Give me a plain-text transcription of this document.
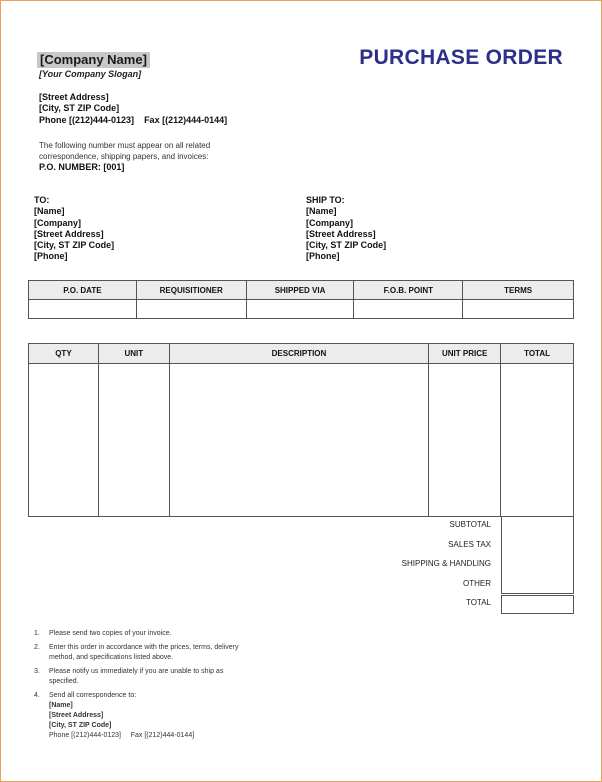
[Company Name]
[Your Company Slogan]
PURCHASE ORDER
[Street Address]
[City, ST ZIP Code]
Phone [(212)444-0123] Fax [(212)444-0144]
The following number must appear on all related
correspondence, shipping papers, and invoices:
P.O. NUMBER: [001]
TO:
[Name]
[Company]
[Street Address]
[City, ST ZIP Code]
[Phone]
SHIP TO:
[Name]
[Company]
[Street Address]
[City, ST ZIP Code]
[Phone]
P.O. DATE	REQUISITIONER	SHIPPED VIA	F.O.B. POINT	TERMS

QTY	UNIT	DESCRIPTION	UNIT PRICE	TOTAL

SUBTOTAL
SALES TAX
SHIPPING & HANDLING
OTHER
TOTAL
1. Please send two copies of your invoice.
2. Enter this order in accordance with the prices, terms, delivery
method, and specifications listed above.
3. Please notify us immediately if you are unable to ship as
specified.
4. Send all correspondence to:
[Name]
[Street Address]
[City, ST ZIP Code]
Phone [(212)444-0123] Fax [(212)444-0144]
